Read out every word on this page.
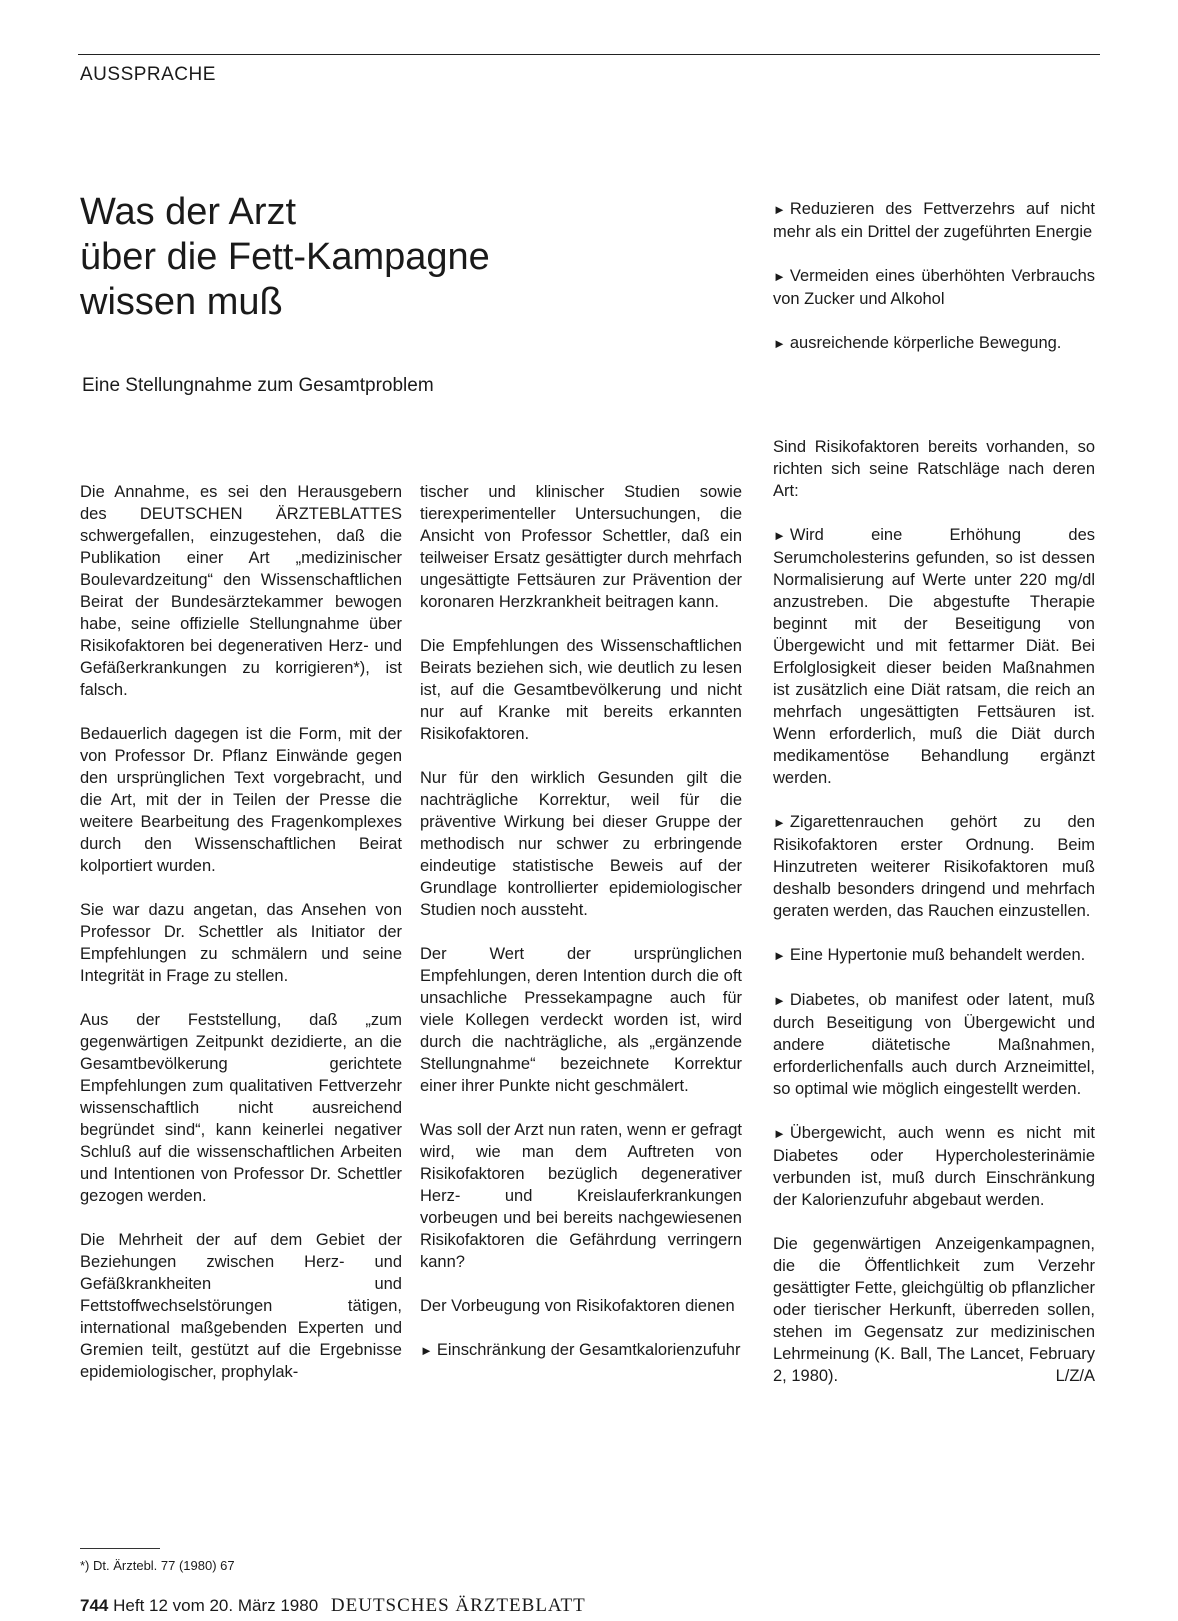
AUSSPRACHE
Was der Arzt
über die Fett-Kampagne
wissen muß
Eine Stellungnahme zum Gesamtproblem

► Reduzieren des Fettverzehrs auf nicht mehr als ein Drittel der zugeführten Energie

► Vermeiden eines überhöhten Verbrauchs von Zucker und Alkohol

► ausreichende körperliche Bewegung.

Die Annahme, es sei den Herausgebern des DEUTSCHEN ÄRZTEBLATTES schwergefallen, einzugestehen, daß die Publikation einer Art „medizinischer Boulevardzeitung“ den Wissenschaftlichen Beirat der Bundesärztekammer bewogen habe, seine offizielle Stellungnahme über Risikofaktoren bei degenerativen Herz- und Gefäßerkrankungen zu korrigieren*), ist falsch.

Bedauerlich dagegen ist die Form, mit der von Professor Dr. Pflanz Einwände gegen den ursprünglichen Text vorgebracht, und die Art, mit der in Teilen der Presse die weitere Bearbeitung des Fragenkomplexes durch den Wissenschaftlichen Beirat kolportiert wurden.

Sie war dazu angetan, das Ansehen von Professor Dr. Schettler als Initiator der Empfehlungen zu schmälern und seine Integrität in Frage zu stellen.

Aus der Feststellung, daß „zum gegenwärtigen Zeitpunkt dezidierte, an die Gesamtbevölkerung gerichtete Empfehlungen zum qualitativen Fettverzehr wissenschaftlich nicht ausreichend begründet sind“, kann keinerlei negativer Schluß auf die wissenschaftlichen Arbeiten und Intentionen von Professor Dr. Schettler gezogen werden.

Die Mehrheit der auf dem Gebiet der Beziehungen zwischen Herz- und Gefäßkrankheiten und Fettstoffwechselstörungen tätigen, international maßgebenden Experten und Gremien teilt, gestützt auf die Ergebnisse epidemiologischer, prophylak-

tischer und klinischer Studien sowie tierexperimenteller Untersuchungen, die Ansicht von Professor Schettler, daß ein teilweiser Ersatz gesättigter durch mehrfach ungesättigte Fettsäuren zur Prävention der koronaren Herzkrankheit beitragen kann.

Die Empfehlungen des Wissenschaftlichen Beirats beziehen sich, wie deutlich zu lesen ist, auf die Gesamtbevölkerung und nicht nur auf Kranke mit bereits erkannten Risikofaktoren.

Nur für den wirklich Gesunden gilt die nachträgliche Korrektur, weil für die präventive Wirkung bei dieser Gruppe der methodisch nur schwer zu erbringende eindeutige statistische Beweis auf der Grundlage kontrollierter epidemiologischer Studien noch aussteht.

Der Wert der ursprünglichen Empfehlungen, deren Intention durch die oft unsachliche Pressekampagne auch für viele Kollegen verdeckt worden ist, wird durch die nachträgliche, als „ergänzende Stellungnahme“ bezeichnete Korrektur einer ihrer Punkte nicht geschmälert.

Was soll der Arzt nun raten, wenn er gefragt wird, wie man dem Auftreten von Risikofaktoren bezüglich degenerativer Herz- und Kreislauferkrankungen vorbeugen und bei bereits nachgewiesenen Risikofaktoren die Gefährdung verringern kann?

Der Vorbeugung von Risikofaktoren dienen

► Einschränkung der Gesamtkalorienzufuhr

Sind Risikofaktoren bereits vorhanden, so richten sich seine Ratschläge nach deren Art:

► Wird eine Erhöhung des Serumcholesterins gefunden, so ist dessen Normalisierung auf Werte unter 220 mg/dl anzustreben. Die abgestufte Therapie beginnt mit der Beseitigung von Übergewicht und mit fettarmer Diät. Bei Erfolglosigkeit dieser beiden Maßnahmen ist zusätzlich eine Diät ratsam, die reich an mehrfach ungesättigten Fettsäuren ist. Wenn erforderlich, muß die Diät durch medikamentöse Behandlung ergänzt werden.

► Zigarettenrauchen gehört zu den Risikofaktoren erster Ordnung. Beim Hinzutreten weiterer Risikofaktoren muß deshalb besonders dringend und mehrfach geraten werden, das Rauchen einzustellen.

► Eine Hypertonie muß behandelt werden.

► Diabetes, ob manifest oder latent, muß durch Beseitigung von Übergewicht und andere diätetische Maßnahmen, erforderlichenfalls auch durch Arzneimittel, so optimal wie möglich eingestellt werden.

► Übergewicht, auch wenn es nicht mit Diabetes oder Hypercholesterinämie verbunden ist, muß durch Einschränkung der Kalorienzufuhr abgebaut werden.

Die gegenwärtigen Anzeigenkampagnen, die die Öffentlichkeit zum Verzehr gesättigter Fette, gleichgültig ob pflanzlicher oder tierischer Herkunft, überreden sollen, stehen im Gegensatz zur medizinischen Lehrmeinung (K. Ball, The Lancet, February 2, 1980).	L/Z/A

*) Dt. Ärztebl. 77 (1980) 67
744 Heft 12 vom 20. März 1980 DEUTSCHES ÄRZTEBLATT
